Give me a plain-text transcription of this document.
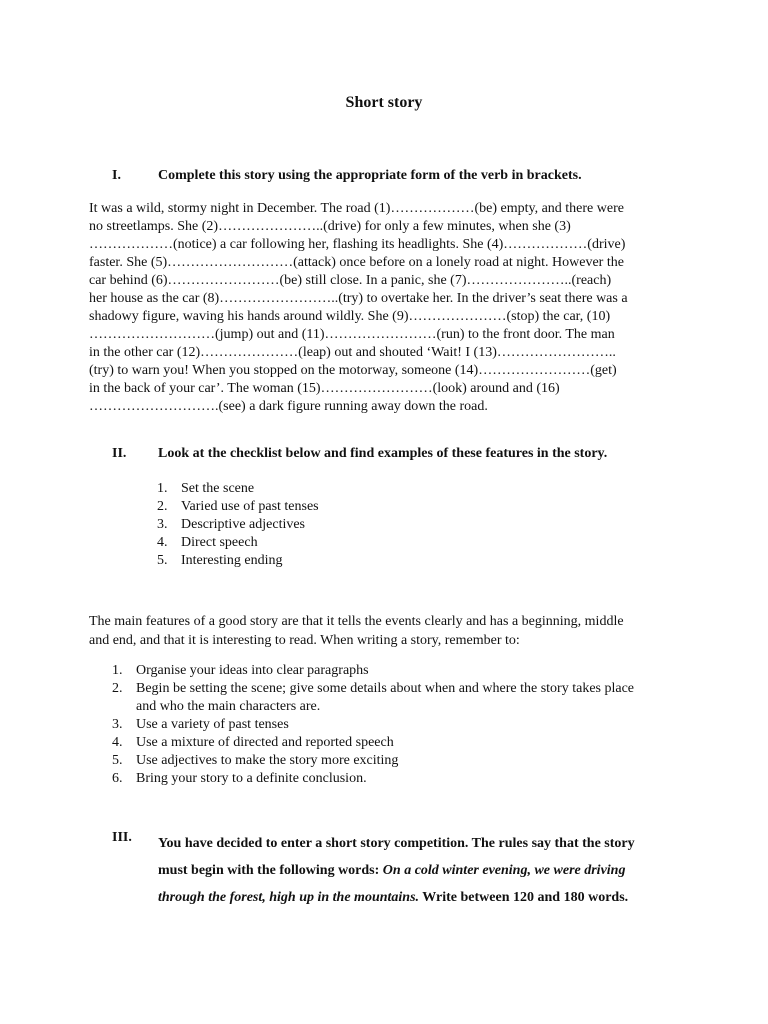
Short story
I.	Complete this story using the appropriate form of the verb in brackets.
It was a wild, stormy night in December. The road (1)………………(be) empty, and there were
no streetlamps. She (2)…………………..(drive) for only a few minutes, when she (3)
………………(notice) a car following her, flashing its headlights. She (4)………………(drive)
faster. She (5)………………………(attack) once before on a lonely road at night. However the
car behind (6)……………………(be) still close. In a panic, she (7)…………………..(reach)
her house as the car (8)……………………..(try) to overtake her. In the driver’s seat there was a
shadowy figure, waving his hands around wildly. She (9)…………………(stop) the car, (10)
………………………(jump) out and (11)……………………(run) to the front door. The man
in the other car (12)…………………(leap) out and shouted ‘Wait! I (13)……………………..
(try) to warn you! When you stopped on the motorway, someone (14)……………………(get)
in the back of your car’. The woman (15)……………………(look) around and (16)
……………………….(see) a dark figure running away down the road.
II.	Look at the checklist below and find examples of these features in the story.
1. Set the scene
2. Varied use of past tenses
3. Descriptive adjectives
4. Direct speech
5. Interesting ending
The main features of a good story are that it tells the events clearly and has a beginning, middle
and end, and that it is interesting to read. When writing a story, remember to:
1. Organise your ideas into clear paragraphs
2. Begin be setting the scene; give some details about when and where the story takes place
and who the main characters are.
3. Use a variety of past tenses
4. Use a mixture of directed and reported speech
5. Use adjectives to make the story more exciting
6. Bring your story to a definite conclusion.
III. You have decided to enter a short story competition. The rules say that the story
must begin with the following words: On a cold winter evening, we were driving
through the forest, high up in the mountains. Write between 120 and 180 words.
